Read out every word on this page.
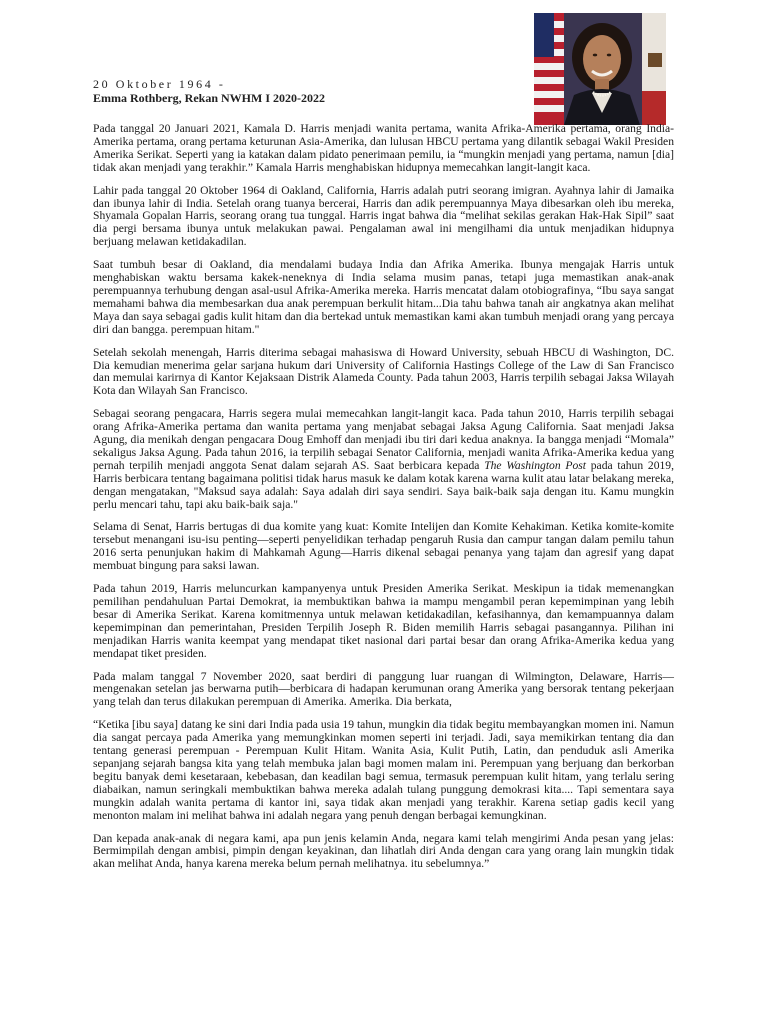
20 Oktober 1964 -
Emma Rothberg, Rekan NWHM I 2020-2022

Pada tanggal 20 Januari 2021, Kamala D. Harris menjadi wanita pertama, wanita Afrika-Amerika pertama, orang India-Amerika pertama, orang pertama keturunan Asia-Amerika, dan lulusan HBCU pertama yang dilantik sebagai Wakil Presiden Amerika Serikat. Seperti yang ia katakan dalam pidato penerimaan pemilu, ia “mungkin menjadi yang pertama, namun [dia] tidak akan menjadi yang terakhir.” Kamala Harris menghabiskan hidupnya memecahkan langit-langit kaca.

Lahir pada tanggal 20 Oktober 1964 di Oakland, California, Harris adalah putri seorang imigran. Ayahnya lahir di Jamaika dan ibunya lahir di India. Setelah orang tuanya bercerai, Harris dan adik perempuannya Maya dibesarkan oleh ibu mereka, Shyamala Gopalan Harris, seorang orang tua tunggal. Harris ingat bahwa dia “melihat sekilas gerakan Hak-Hak Sipil” saat dia pergi bersama ibunya untuk melakukan pawai. Pengalaman awal ini mengilhami dia untuk menjadikan hidupnya berjuang melawan ketidakadilan.

Saat tumbuh besar di Oakland, dia mendalami budaya India dan Afrika Amerika. Ibunya mengajak Harris untuk menghabiskan waktu bersama kakek-neneknya di India selama musim panas, tetapi juga memastikan anak-anak perempuannya terhubung dengan asal-usul Afrika-Amerika mereka. Harris mencatat dalam otobiografinya, “Ibu saya sangat memahami bahwa dia membesarkan dua anak perempuan berkulit hitam...Dia tahu bahwa tanah air angkatnya akan melihat Maya dan saya sebagai gadis kulit hitam dan dia bertekad untuk memastikan kami akan tumbuh menjadi orang yang percaya diri dan bangga. perempuan hitam."

Setelah sekolah menengah, Harris diterima sebagai mahasiswa di Howard University, sebuah HBCU di Washington, DC. Dia kemudian menerima gelar sarjana hukum dari University of California Hastings College of the Law di San Francisco dan memulai karirnya di Kantor Kejaksaan Distrik Alameda County. Pada tahun 2003, Harris terpilih sebagai Jaksa Wilayah Kota dan Wilayah San Francisco.

Sebagai seorang pengacara, Harris segera mulai memecahkan langit-langit kaca. Pada tahun 2010, Harris terpilih sebagai orang Afrika-Amerika pertama dan wanita pertama yang menjabat sebagai Jaksa Agung California. Saat menjadi Jaksa Agung, dia menikah dengan pengacara Doug Emhoff dan menjadi ibu tiri dari kedua anaknya. Ia bangga menjadi “Momala” sekaligus Jaksa Agung. Pada tahun 2016, ia terpilih sebagai Senator California, menjadi wanita Afrika-Amerika kedua yang pernah terpilih menjadi anggota Senat dalam sejarah AS. Saat berbicara kepada The Washington Post pada tahun 2019, Harris berbicara tentang bagaimana politisi tidak harus masuk ke dalam kotak karena warna kulit atau latar belakang mereka, dengan mengatakan, "Maksud saya adalah: Saya adalah diri saya sendiri. Saya baik-baik saja dengan itu. Kamu mungkin perlu mencari tahu, tapi aku baik-baik saja."

Selama di Senat, Harris bertugas di dua komite yang kuat: Komite Intelijen dan Komite Kehakiman. Ketika komite-komite tersebut menangani isu-isu penting—seperti penyelidikan terhadap pengaruh Rusia dan campur tangan dalam pemilu tahun 2016 serta penunjukan hakim di Mahkamah Agung—Harris dikenal sebagai penanya yang tajam dan agresif yang dapat membuat bingung para saksi lawan.

Pada tahun 2019, Harris meluncurkan kampanyenya untuk Presiden Amerika Serikat. Meskipun ia tidak memenangkan pemilihan pendahuluan Partai Demokrat, ia membuktikan bahwa ia mampu mengambil peran kepemimpinan yang lebih besar di Amerika Serikat. Karena komitmennya untuk melawan ketidakadilan, kefasihannya, dan kemampuannya dalam kepemimpinan dan pemerintahan, Presiden Terpilih Joseph R. Biden memilih Harris sebagai pasangannya. Pilihan ini menjadikan Harris wanita keempat yang mendapat tiket nasional dari partai besar dan orang Afrika-Amerika kedua yang mendapat tiket presiden.

Pada malam tanggal 7 November 2020, saat berdiri di panggung luar ruangan di Wilmington, Delaware, Harris—mengenakan setelan jas berwarna putih—berbicara di hadapan kerumunan orang Amerika yang bersorak tentang pekerjaan yang telah dan terus dilakukan perempuan di Amerika. Amerika. Dia berkata,

“Ketika [ibu saya] datang ke sini dari India pada usia 19 tahun, mungkin dia tidak begitu membayangkan momen ini. Namun dia sangat percaya pada Amerika yang memungkinkan momen seperti ini terjadi. Jadi, saya memikirkan tentang dia dan tentang generasi perempuan - Perempuan Kulit Hitam. Wanita Asia, Kulit Putih, Latin, dan penduduk asli Amerika sepanjang sejarah bangsa kita yang telah membuka jalan bagi momen malam ini. Perempuan yang berjuang dan berkorban begitu banyak demi kesetaraan, kebebasan, dan keadilan bagi semua, termasuk perempuan kulit hitam, yang terlalu sering diabaikan, namun seringkali membuktikan bahwa mereka adalah tulang punggung demokrasi kita.... Tapi sementara saya mungkin adalah wanita pertama di kantor ini, saya tidak akan menjadi yang terakhir. Karena setiap gadis kecil yang menonton malam ini melihat bahwa ini adalah negara yang penuh dengan berbagai kemungkinan.

Dan kepada anak-anak di negara kami, apa pun jenis kelamin Anda, negara kami telah mengirimi Anda pesan yang jelas: Bermimpilah dengan ambisi, pimpin dengan keyakinan, dan lihatlah diri Anda dengan cara yang orang lain mungkin tidak akan melihat Anda, hanya karena mereka belum pernah melihatnya. itu sebelumnya.”
